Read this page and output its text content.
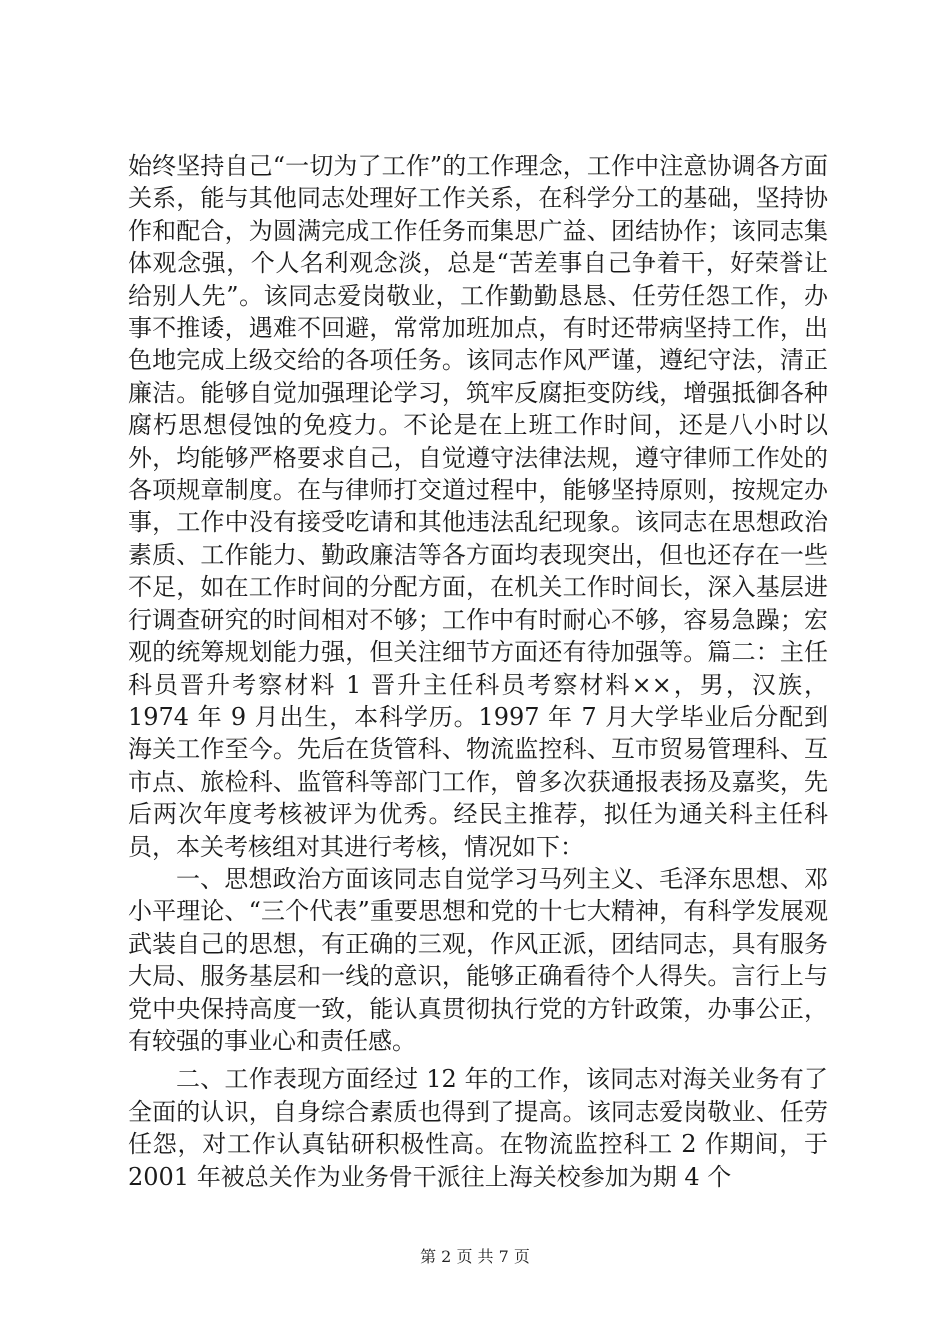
始终坚持自己“一切为了工作”的工作理念，工作中注意协调各方面关系，能与其他同志处理好工作关系，在科学分工的基础，坚持协作和配合，为圆满完成工作任务而集思广益、团结协作；该同志集体观念强，个人名利观念淡，总是“苦差事自己争着干，好荣誉让给别人先”。该同志爱岗敬业，工作勤勤恳恳、任劳任怨工作，办事不推诿，遇难不回避，常常加班加点，有时还带病坚持工作，出色地完成上级交给的各项任务。该同志作风严谨，遵纪守法，清正廉洁。能够自觉加强理论学习，筑牢反腐拒变防线，增强抵御各种腐朽思想侵蚀的免疫力。不论是在上班工作时间，还是八小时以外，均能够严格要求自己，自觉遵守法律法规，遵守律师工作处的各项规章制度。在与律师打交道过程中，能够坚持原则，按规定办事，工作中没有接受吃请和其他违法乱纪现象。该同志在思想政治素质、工作能力、勤政廉洁等各方面均表现突出，但也还存在一些不足，如在工作时间的分配方面，在机关工作时间长，深入基层进行调查研究的时间相对不够；工作中有时耐心不够，容易急躁；宏观的统筹规划能力强，但关注细节方面还有待加强等。篇二：主任科员晋升考察材料 1 晋升主任科员考察材料××，男，汉族，1974 年 9 月出生，本科学历。1997 年 7 月大学毕业后分配到海关工作至今。先后在货管科、物流监控科、互市贸易管理科、互市点、旅检科、监管科等部门工作，曾多次获通报表扬及嘉奖，先后两次年度考核被评为优秀。经民主推荐，拟任为通关科主任科员，本关考核组对其进行考核，情况如下：

一、思想政治方面该同志自觉学习马列主义、毛泽东思想、邓小平理论、“三个代表”重要思想和党的十七大精神，有科学发展观武装自己的思想，有正确的三观，作风正派，团结同志，具有服务大局、服务基层和一线的意识，能够正确看待个人得失。言行上与党中央保持高度一致，能认真贯彻执行党的方针政策，办事公正，有较强的事业心和责任感。

二、工作表现方面经过 12 年的工作，该同志对海关业务有了全面的认识，自身综合素质也得到了提高。该同志爱岗敬业、任劳任怨，对工作认真钻研积极性高。在物流监控科工 2 作期间，于 2001 年被总关作为业务骨干派往上海关校参加为期 4 个

第 2 页 共 7 页
